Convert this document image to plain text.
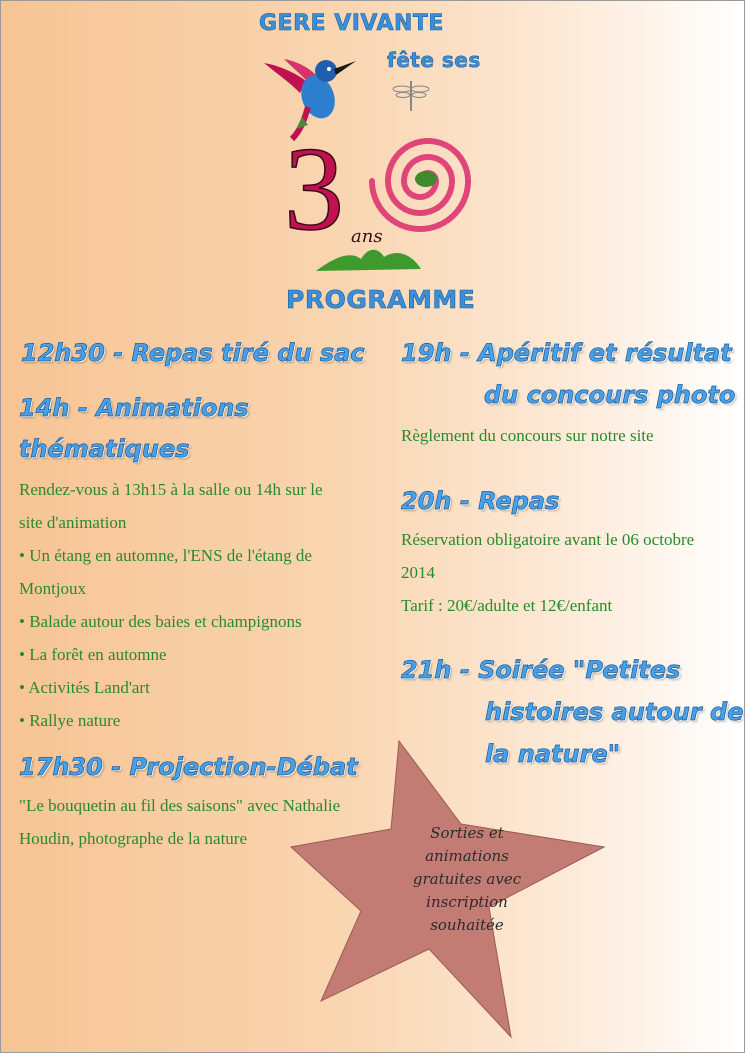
GERE VIVANTE
fête ses
3 ans
PROGRAMME
12h30 - Repas tiré du sac
14h - Animations
thématiques
Rendez-vous à 13h15 à la salle ou 14h sur le
site d'animation
• Un étang en automne, l'ENS de l'étang de
Montjoux
• Balade autour des baies et champignons
• La forêt en automne
• Activités Land'art
• Rallye nature
17h30 - Projection-Débat
"Le bouquetin au fil des saisons" avec Nathalie
Houdin, photographe de la nature
19h - Apéritif et résultat
du concours photo
Règlement du concours sur notre site
20h - Repas
Réservation obligatoire avant le 06 octobre
2014
Tarif : 20€/adulte et 12€/enfant
21h - Soirée "Petites
histoires autour de
la nature"
Sorties et
animations
gratuites avec
inscription
souhaitée
